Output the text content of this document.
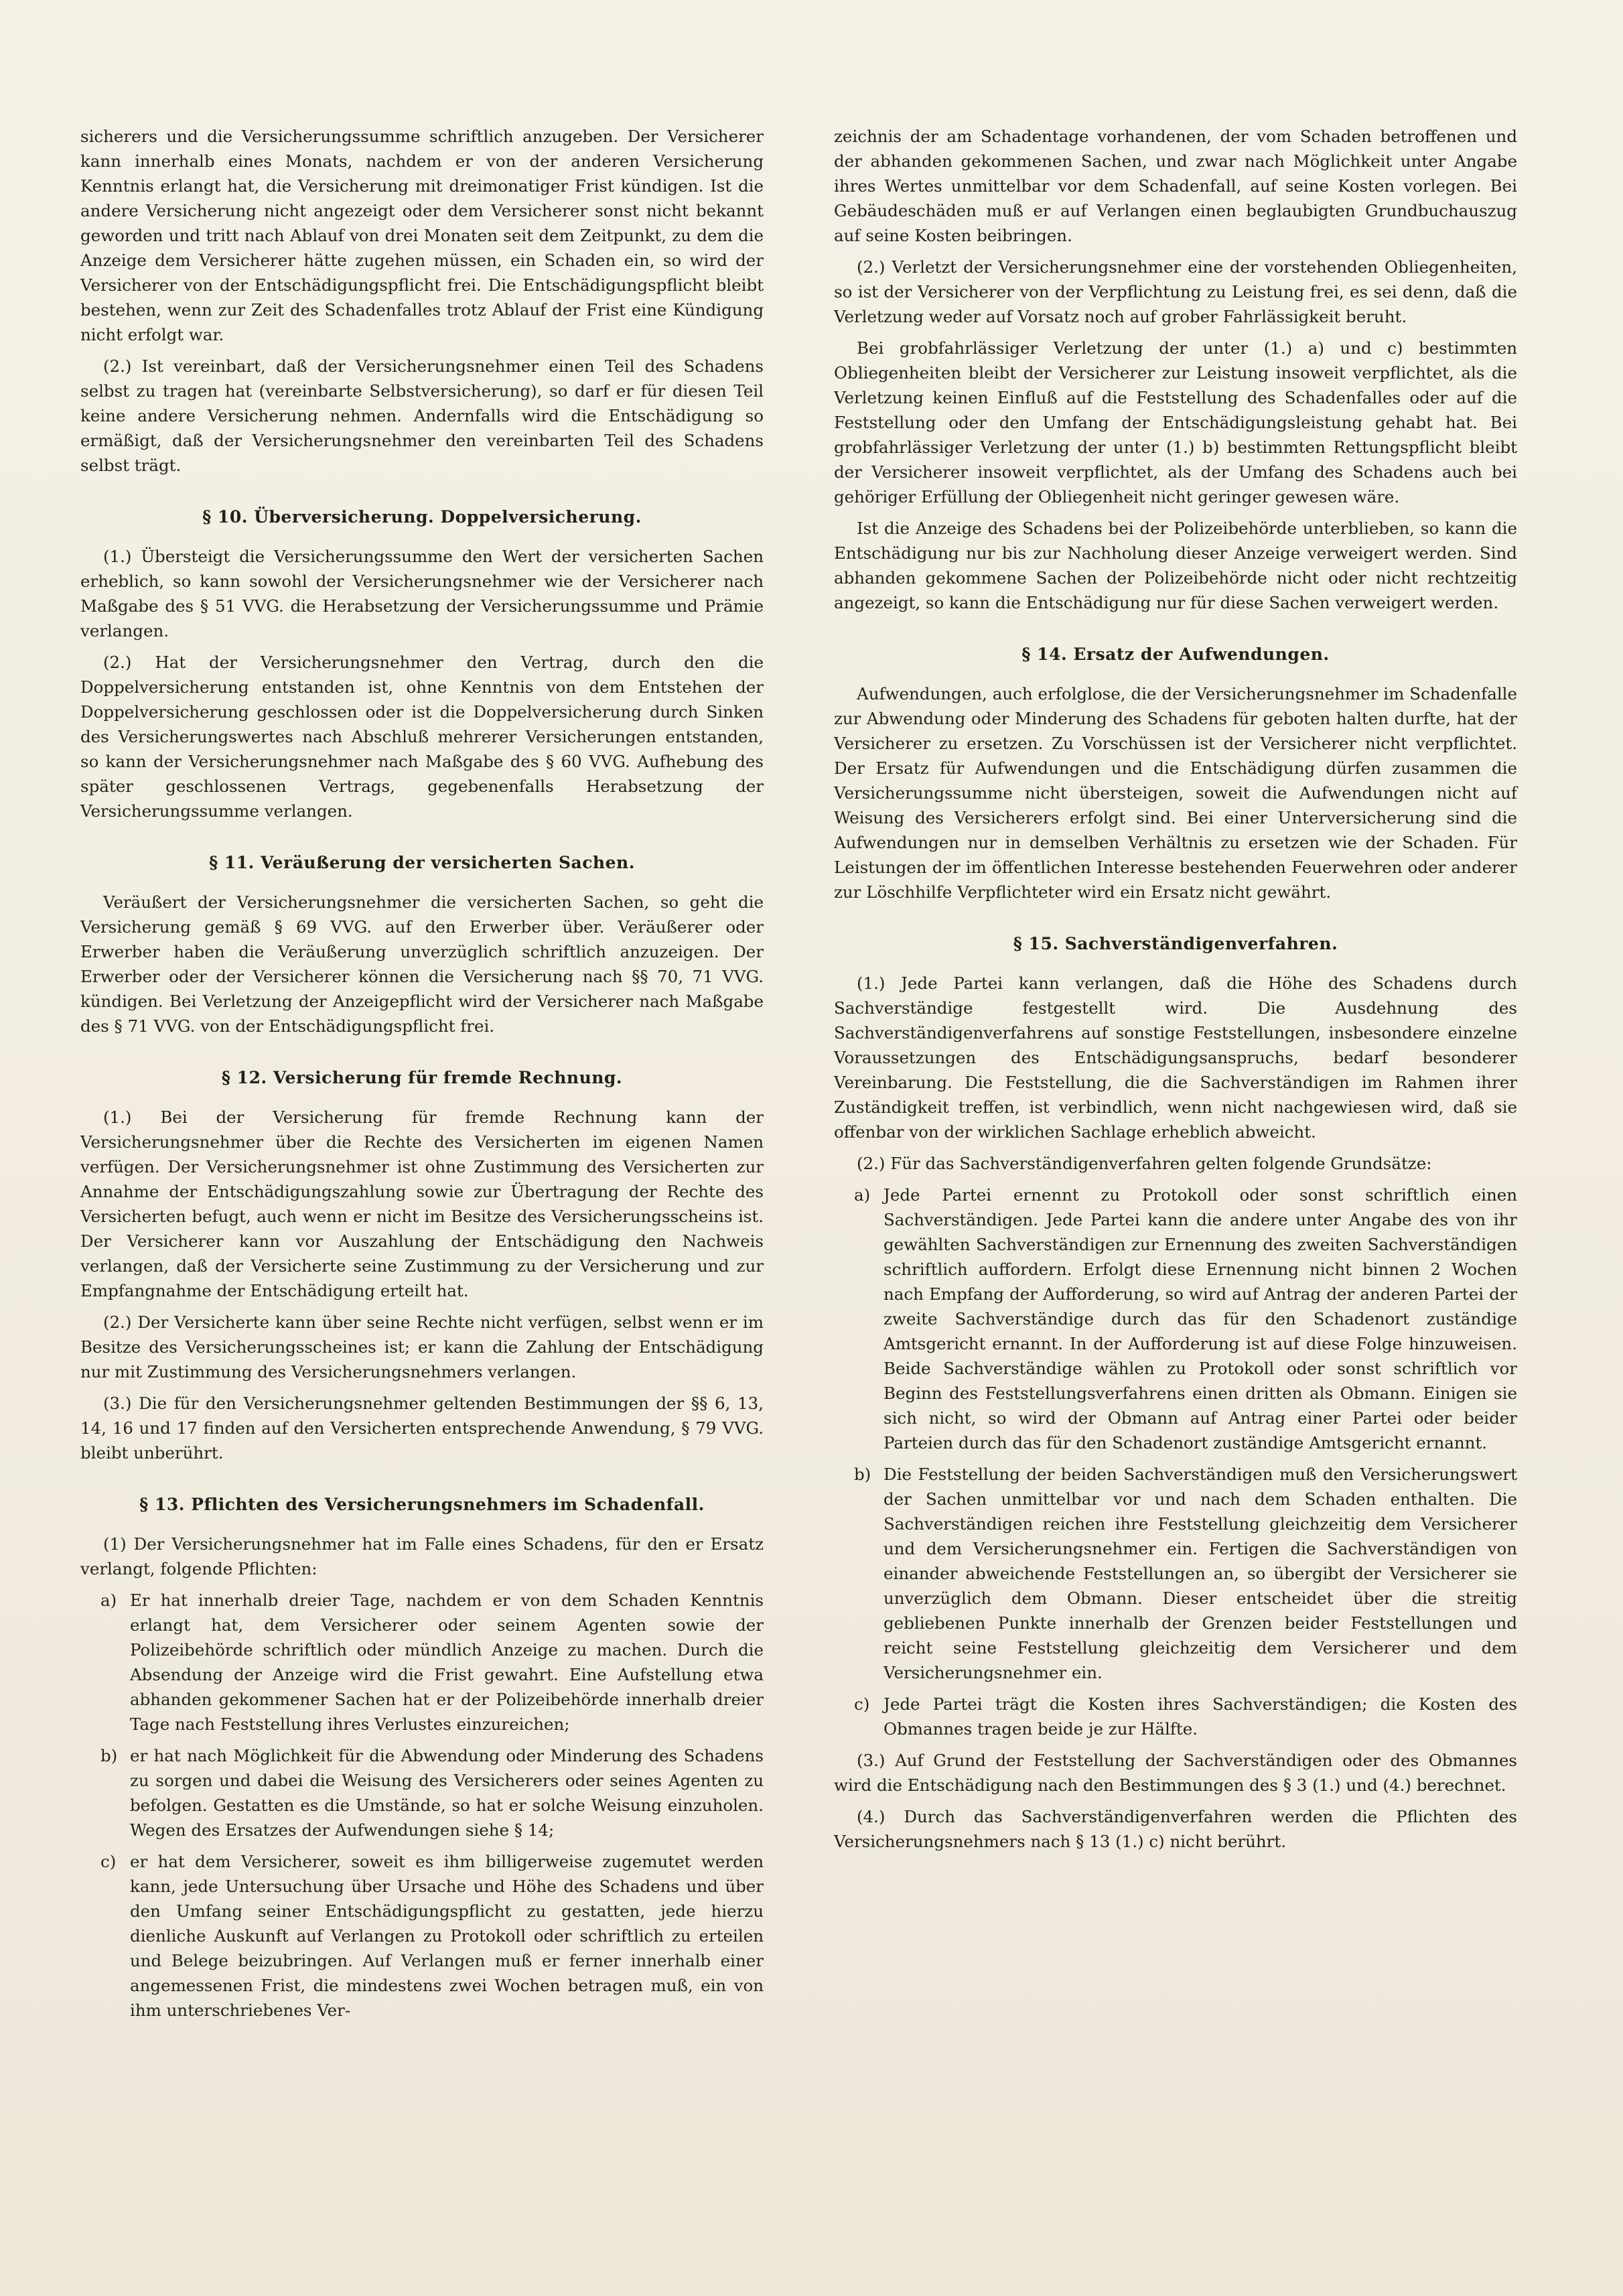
sicherers und die Versicherungssumme schriftlich anzugeben. Der Versicherer kann innerhalb eines Monats, nachdem er von der anderen Versicherung Kenntnis erlangt hat, die Versicherung mit dreimonatiger Frist kündigen. Ist die andere Versicherung nicht angezeigt oder dem Versicherer sonst nicht bekannt geworden und tritt nach Ablauf von drei Monaten seit dem Zeitpunkt, zu dem die Anzeige dem Versicherer hätte zugehen müssen, ein Schaden ein, so wird der Versicherer von der Entschädigungspflicht frei. Die Entschädigungspflicht bleibt bestehen, wenn zur Zeit des Schadenfalles trotz Ablauf der Frist eine Kündigung nicht erfolgt war.

(2.) Ist vereinbart, daß der Versicherungsnehmer einen Teil des Schadens selbst zu tragen hat (vereinbarte Selbstversicherung), so darf er für diesen Teil keine andere Versicherung nehmen. Andernfalls wird die Entschädigung so ermäßigt, daß der Versicherungsnehmer den vereinbarten Teil des Schadens selbst trägt.

§ 10. Überversicherung. Doppelversicherung.

(1.) Übersteigt die Versicherungssumme den Wert der versicherten Sachen erheblich, so kann sowohl der Versicherungsnehmer wie der Versicherer nach Maßgabe des § 51 VVG. die Herabsetzung der Versicherungssumme und Prämie verlangen.

(2.) Hat der Versicherungsnehmer den Vertrag, durch den die Doppelversicherung entstanden ist, ohne Kenntnis von dem Entstehen der Doppelversicherung geschlossen oder ist die Doppelversicherung durch Sinken des Versicherungswertes nach Abschluß mehrerer Versicherungen entstanden, so kann der Versicherungsnehmer nach Maßgabe des § 60 VVG. Aufhebung des später geschlossenen Vertrags, gegebenenfalls Herabsetzung der Versicherungssumme verlangen.

§ 11. Veräußerung der versicherten Sachen.

Veräußert der Versicherungsnehmer die versicherten Sachen, so geht die Versicherung gemäß § 69 VVG. auf den Erwerber über. Veräußerer oder Erwerber haben die Veräußerung unverzüglich schriftlich anzuzeigen. Der Erwerber oder der Versicherer können die Versicherung nach §§ 70, 71 VVG. kündigen. Bei Verletzung der Anzeigepflicht wird der Versicherer nach Maßgabe des § 71 VVG. von der Entschädigungspflicht frei.

§ 12. Versicherung für fremde Rechnung.

(1.) Bei der Versicherung für fremde Rechnung kann der Versicherungsnehmer über die Rechte des Versicherten im eigenen Namen verfügen. Der Versicherungsnehmer ist ohne Zustimmung des Versicherten zur Annahme der Entschädigungszahlung sowie zur Übertragung der Rechte des Versicherten befugt, auch wenn er nicht im Besitze des Versicherungsscheins ist. Der Versicherer kann vor Auszahlung der Entschädigung den Nachweis verlangen, daß der Versicherte seine Zustimmung zu der Versicherung und zur Empfangnahme der Entschädigung erteilt hat.

(2.) Der Versicherte kann über seine Rechte nicht verfügen, selbst wenn er im Besitze des Versicherungsscheines ist; er kann die Zahlung der Entschädigung nur mit Zustimmung des Versicherungsnehmers verlangen.

(3.) Die für den Versicherungsnehmer geltenden Bestimmungen der §§ 6, 13, 14, 16 und 17 finden auf den Versicherten entsprechende Anwendung, § 79 VVG. bleibt unberührt.

§ 13. Pflichten des Versicherungsnehmers im Schadenfall.

(1) Der Versicherungsnehmer hat im Falle eines Schadens, für den er Ersatz verlangt, folgende Pflichten:

a) Er hat innerhalb dreier Tage, nachdem er von dem Schaden Kenntnis erlangt hat, dem Versicherer oder seinem Agenten sowie der Polizeibehörde schriftlich oder mündlich Anzeige zu machen. Durch die Absendung der Anzeige wird die Frist gewahrt. Eine Aufstellung etwa abhanden gekommener Sachen hat er der Polizeibehörde innerhalb dreier Tage nach Feststellung ihres Verlustes einzureichen;
b) er hat nach Möglichkeit für die Abwendung oder Minderung des Schadens zu sorgen und dabei die Weisung des Versicherers oder seines Agenten zu befolgen. Gestatten es die Umstände, so hat er solche Weisung einzuholen. Wegen des Ersatzes der Aufwendungen siehe § 14;
c) er hat dem Versicherer, soweit es ihm billigerweise zugemutet werden kann, jede Untersuchung über Ursache und Höhe des Schadens und über den Umfang seiner Entschädigungspflicht zu gestatten, jede hierzu dienliche Auskunft auf Verlangen zu Protokoll oder schriftlich zu erteilen und Belege beizubringen. Auf Verlangen muß er ferner innerhalb einer angemessenen Frist, die mindestens zwei Wochen betragen muß, ein von ihm unterschriebenes Ver-

zeichnis der am Schadentage vorhandenen, der vom Schaden betroffenen und der abhanden gekommenen Sachen, und zwar nach Möglichkeit unter Angabe ihres Wertes unmittelbar vor dem Schadenfall, auf seine Kosten vorlegen. Bei Gebäudeschäden muß er auf Verlangen einen beglaubigten Grundbuchauszug auf seine Kosten beibringen.

(2.) Verletzt der Versicherungsnehmer eine der vorstehenden Obliegenheiten, so ist der Versicherer von der Verpflichtung zu Leistung frei, es sei denn, daß die Verletzung weder auf Vorsatz noch auf grober Fahrlässigkeit beruht.

Bei grobfahrlässiger Verletzung der unter (1.) a) und c) bestimmten Obliegenheiten bleibt der Versicherer zur Leistung insoweit verpflichtet, als die Verletzung keinen Einfluß auf die Feststellung des Schadenfalles oder auf die Feststellung oder den Umfang der Entschädigungsleistung gehabt hat. Bei grobfahrlässiger Verletzung der unter (1.) b) bestimmten Rettungspflicht bleibt der Versicherer insoweit verpflichtet, als der Umfang des Schadens auch bei gehöriger Erfüllung der Obliegenheit nicht geringer gewesen wäre.

Ist die Anzeige des Schadens bei der Polizeibehörde unterblieben, so kann die Entschädigung nur bis zur Nachholung dieser Anzeige verweigert werden. Sind abhanden gekommene Sachen der Polizeibehörde nicht oder nicht rechtzeitig angezeigt, so kann die Entschädigung nur für diese Sachen verweigert werden.

§ 14. Ersatz der Aufwendungen.

Aufwendungen, auch erfolglose, die der Versicherungsnehmer im Schadenfalle zur Abwendung oder Minderung des Schadens für geboten halten durfte, hat der Versicherer zu ersetzen. Zu Vorschüssen ist der Versicherer nicht verpflichtet. Der Ersatz für Aufwendungen und die Entschädigung dürfen zusammen die Versicherungssumme nicht übersteigen, soweit die Aufwendungen nicht auf Weisung des Versicherers erfolgt sind. Bei einer Unterversicherung sind die Aufwendungen nur in demselben Verhältnis zu ersetzen wie der Schaden. Für Leistungen der im öffentlichen Interesse bestehenden Feuerwehren oder anderer zur Löschhilfe Verpflichteter wird ein Ersatz nicht gewährt.

§ 15. Sachverständigenverfahren.

(1.) Jede Partei kann verlangen, daß die Höhe des Schadens durch Sachverständige festgestellt wird. Die Ausdehnung des Sachverständigenverfahrens auf sonstige Feststellungen, insbesondere einzelne Voraussetzungen des Entschädigungsanspruchs, bedarf besonderer Vereinbarung. Die Feststellung, die die Sachverständigen im Rahmen ihrer Zuständigkeit treffen, ist verbindlich, wenn nicht nachgewiesen wird, daß sie offenbar von der wirklichen Sachlage erheblich abweicht.

(2.) Für das Sachverständigenverfahren gelten folgende Grundsätze:

a) Jede Partei ernennt zu Protokoll oder sonst schriftlich einen Sachverständigen. Jede Partei kann die andere unter Angabe des von ihr gewählten Sachverständigen zur Ernennung des zweiten Sachverständigen schriftlich auffordern. Erfolgt diese Ernennung nicht binnen 2 Wochen nach Empfang der Aufforderung, so wird auf Antrag der anderen Partei der zweite Sachverständige durch das für den Schadenort zuständige Amtsgericht ernannt. In der Aufforderung ist auf diese Folge hinzuweisen. Beide Sachverständige wählen zu Protokoll oder sonst schriftlich vor Beginn des Feststellungsverfahrens einen dritten als Obmann. Einigen sie sich nicht, so wird der Obmann auf Antrag einer Partei oder beider Parteien durch das für den Schadenort zuständige Amtsgericht ernannt.
b) Die Feststellung der beiden Sachverständigen muß den Versicherungswert der Sachen unmittelbar vor und nach dem Schaden enthalten. Die Sachverständigen reichen ihre Feststellung gleichzeitig dem Versicherer und dem Versicherungsnehmer ein. Fertigen die Sachverständigen von einander abweichende Feststellungen an, so übergibt der Versicherer sie unverzüglich dem Obmann. Dieser entscheidet über die streitig gebliebenen Punkte innerhalb der Grenzen beider Feststellungen und reicht seine Feststellung gleichzeitig dem Versicherer und dem Versicherungsnehmer ein.
c) Jede Partei trägt die Kosten ihres Sachverständigen; die Kosten des Obmannes tragen beide je zur Hälfte.

(3.) Auf Grund der Feststellung der Sachverständigen oder des Obmannes wird die Entschädigung nach den Bestimmungen des § 3 (1.) und (4.) berechnet.

(4.) Durch das Sachverständigenverfahren werden die Pflichten des Versicherungsnehmers nach § 13 (1.) c) nicht berührt.
